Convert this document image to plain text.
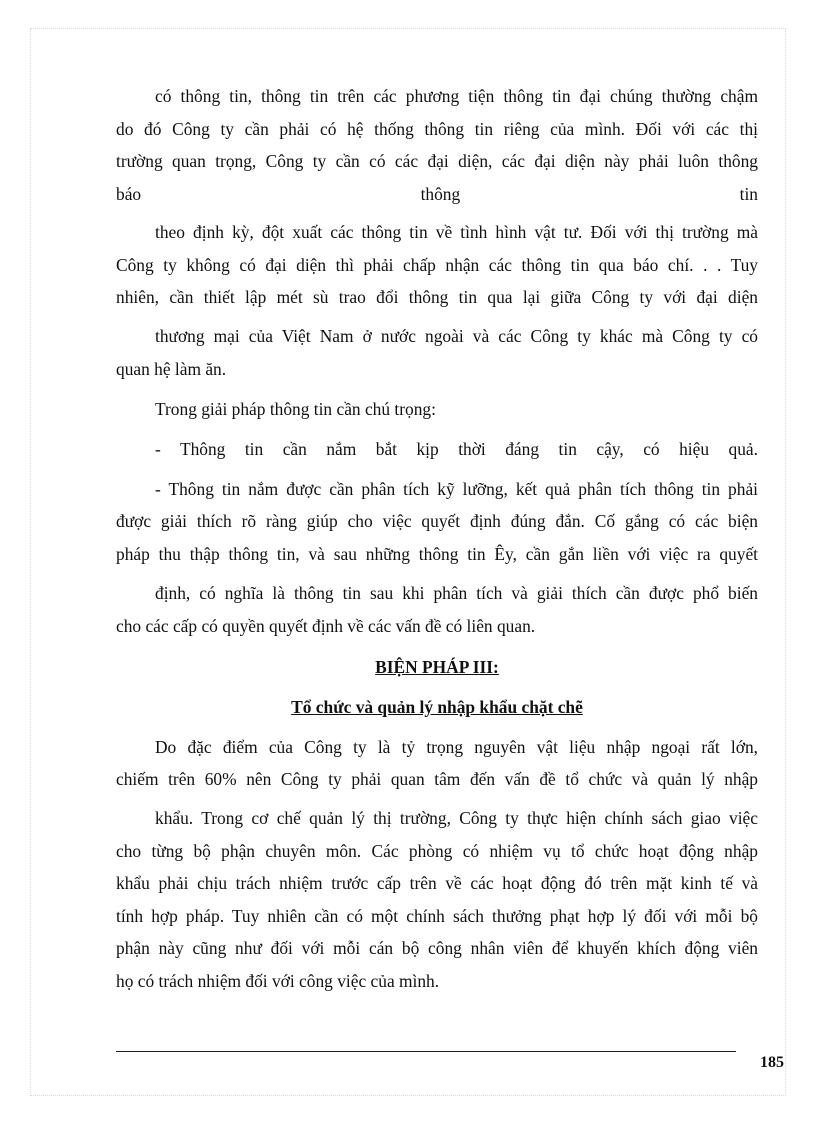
có thông tin, thông tin trên các phương tiện thông tin đại chúng thường chậm
do đó Công ty cần phải có hệ thống thông tin riêng của mình. Đối với các thị
trường quan trọng, Công ty cần có các đại diện, các đại diện này phải luôn thông
báo thông tin
theo định kỳ, đột xuất các thông tin về tình hình vật tư. Đối với thị trường mà
Công ty không có đại diện thì phải chấp nhận các thông tin qua báo chí. . . Tuy
nhiên, cần thiết lập mét sù trao đổi thông tin qua lại giữa Công ty với đại diện
thương mại của Việt Nam ở nước ngoài và các Công ty khác mà Công ty có
quan hệ làm ăn.
Trong giải pháp thông tin cần chú trọng:
- Thông tin cần nắm bắt kịp thời đáng tin cậy, có hiệu quả.
- Thông tin nắm được cần phân tích kỹ lưỡng, kết quả phân tích thông tin phải
được giải thích rõ ràng giúp cho việc quyết định đúng đắn. Cố gắng có các biện
pháp thu thập thông tin, và sau những thông tin Êy, cần gắn liền với việc ra quyết
định, có nghĩa là thông tin sau khi phân tích và giải thích cần được phổ biến
cho các cấp có quyền quyết định về các vấn đề có liên quan.
BIỆN PHÁP III:
Tổ chức và quản lý nhập khẩu chặt chẽ
Do đặc điểm của Công ty là tỷ trọng nguyên vật liệu nhập ngoại rất lớn,
chiếm trên 60% nên Công ty phải quan tâm đến vấn đề tổ chức và quản lý nhập
khẩu. Trong cơ chế quản lý thị trường, Công ty thực hiện chính sách giao việc
cho từng bộ phận chuyên môn. Các phòng có nhiệm vụ tổ chức hoạt động nhập
khẩu phải chịu trách nhiệm trước cấp trên về các hoạt động đó trên mặt kinh tế và
tính hợp pháp. Tuy nhiên cần có một chính sách thưởng phạt hợp lý đối với mỗi bộ
phận này cũng như đối với mỗi cán bộ công nhân viên để khuyến khích động viên
họ có trách nhiệm đối với công việc của mình.
185
